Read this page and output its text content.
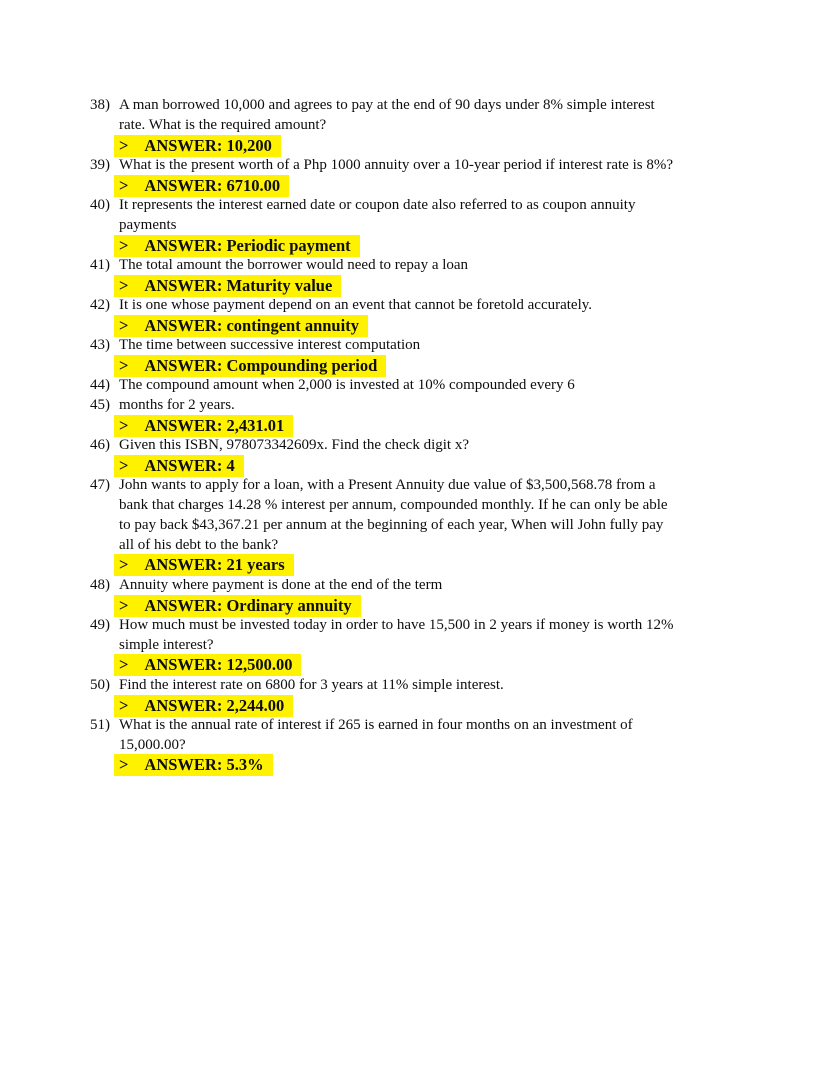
38) A man borrowed 10,000 and agrees to pay at the end of 90 days under 8% simple interest
rate. What is the required amount?
> ANSWER: 10,200
39) What is the present worth of a Php 1000 annuity over a 10-year period if interest rate is 8%?
> ANSWER: 6710.00
40) It represents the interest earned date or coupon date also referred to as coupon annuity
payments
> ANSWER: Periodic payment
41) The total amount the borrower would need to repay a loan
> ANSWER: Maturity value
42) It is one whose payment depend on an event that cannot be foretold accurately.
> ANSWER: contingent annuity
43) The time between successive interest computation
> ANSWER: Compounding period
44) The compound amount when 2,000 is invested at 10% compounded every 6
45) months for 2 years.
> ANSWER: 2,431.01
46) Given this ISBN, 978073342609x. Find the check digit x?
> ANSWER: 4
47) John wants to apply for a loan, with a Present Annuity due value of $3,500,568.78 from a
bank that charges 14.28 % interest per annum, compounded monthly. If he can only be able
to pay back $43,367.21 per annum at the beginning of each year, When will John fully pay
all of his debt to the bank?
> ANSWER: 21 years
48) Annuity where payment is done at the end of the term
> ANSWER: Ordinary annuity
49) How much must be invested today in order to have 15,500 in 2 years if money is worth 12%
simple interest?
> ANSWER: 12,500.00
50) Find the interest rate on 6800 for 3 years at 11% simple interest.
> ANSWER: 2,244.00
51) What is the annual rate of interest if 265 is earned in four months on an investment of
15,000.00?
> ANSWER: 5.3%
